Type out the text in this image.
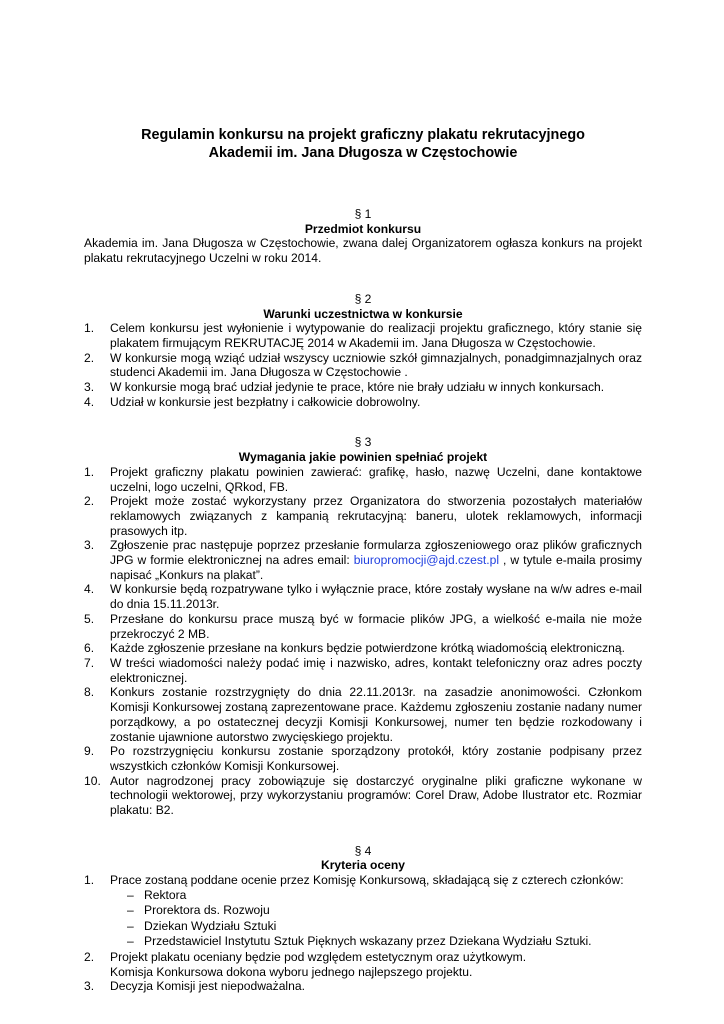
Regulamin konkursu na projekt graficzny plakatu rekrutacyjnego
Akademii im. Jana Długosza w Częstochowie
§ 1
Przedmiot konkursu

Akademia im. Jana Długosza w Częstochowie, zwana dalej Organizatorem ogłasza konkurs na projekt plakatu rekrutacyjnego Uczelni w roku 2014.

§ 2
Warunki uczestnictwa w konkursie
1. Celem konkursu jest wyłonienie i wytypowanie do realizacji projektu graficznego, który stanie się plakatem firmującym REKRUTACJĘ 2014 w Akademii im. Jana Długosza w Częstochowie.
2. W konkursie mogą wziąć udział wszyscy uczniowie szkół gimnazjalnych, ponadgimnazjalnych oraz studenci Akademii im. Jana Długosza w Częstochowie .
3. W konkursie mogą brać udział jedynie te prace, które nie brały udziału w innych konkursach.
4. Udział w konkursie jest bezpłatny i całkowicie dobrowolny.
§ 3
Wymagania jakie powinien spełniać projekt
1. Projekt graficzny plakatu powinien zawierać: grafikę, hasło, nazwę Uczelni, dane kontaktowe uczelni, logo uczelni, QRkod, FB.
2. Projekt może zostać wykorzystany przez Organizatora do stworzenia pozostałych materiałów reklamowych związanych z kampanią rekrutacyjną: baneru, ulotek reklamowych, informacji prasowych itp.
3. Zgłoszenie prac następuje poprzez przesłanie formularza zgłoszeniowego oraz plików graficznych JPG w formie elektronicznej na adres email: biuropromocji@ajd.czest.pl , w tytule e-maila prosimy napisać „Konkurs na plakat”.
4. W konkursie będą rozpatrywane tylko i wyłącznie prace, które zostały wysłane na w/w adres e-mail do dnia 15.11.2013r.
5. Przesłane do konkursu prace muszą być w formacie plików JPG, a wielkość e-maila nie może przekroczyć 2 MB.
6. Każde zgłoszenie przesłane na konkurs będzie potwierdzone krótką wiadomością elektroniczną.
7. W treści wiadomości należy podać imię i nazwisko, adres, kontakt telefoniczny oraz adres poczty elektronicznej.
8. Konkurs zostanie rozstrzygnięty do dnia 22.11.2013r. na zasadzie anonimowości. Członkom Komisji Konkursowej zostaną zaprezentowane prace. Każdemu zgłoszeniu zostanie nadany numer porządkowy, a po ostatecznej decyzji Komisji Konkursowej, numer ten będzie rozkodowany i zostanie ujawnione autorstwo zwycięskiego projektu.
9. Po rozstrzygnięciu konkursu zostanie sporządzony protokół, który zostanie podpisany przez wszystkich członków Komisji Konkursowej.
10. Autor nagrodzonej pracy zobowiązuje się dostarczyć oryginalne pliki graficzne wykonane w technologii wektorowej, przy wykorzystaniu programów: Corel Draw, Adobe Ilustrator etc. Rozmiar plakatu: B2.
§ 4
Kryteria oceny
1. Prace zostaną poddane ocenie przez Komisję Konkursową, składającą się z czterech członków:
– Rektora
– Prorektora ds. Rozwoju
– Dziekan Wydziału Sztuki
– Przedstawiciel Instytutu Sztuk Pięknych wskazany przez Dziekana Wydziału Sztuki.
2. Projekt plakatu oceniany będzie pod względem estetycznym oraz użytkowym.
Komisja Konkursowa dokona wyboru jednego najlepszego projektu.
3. Decyzja Komisji jest niepodważalna.
